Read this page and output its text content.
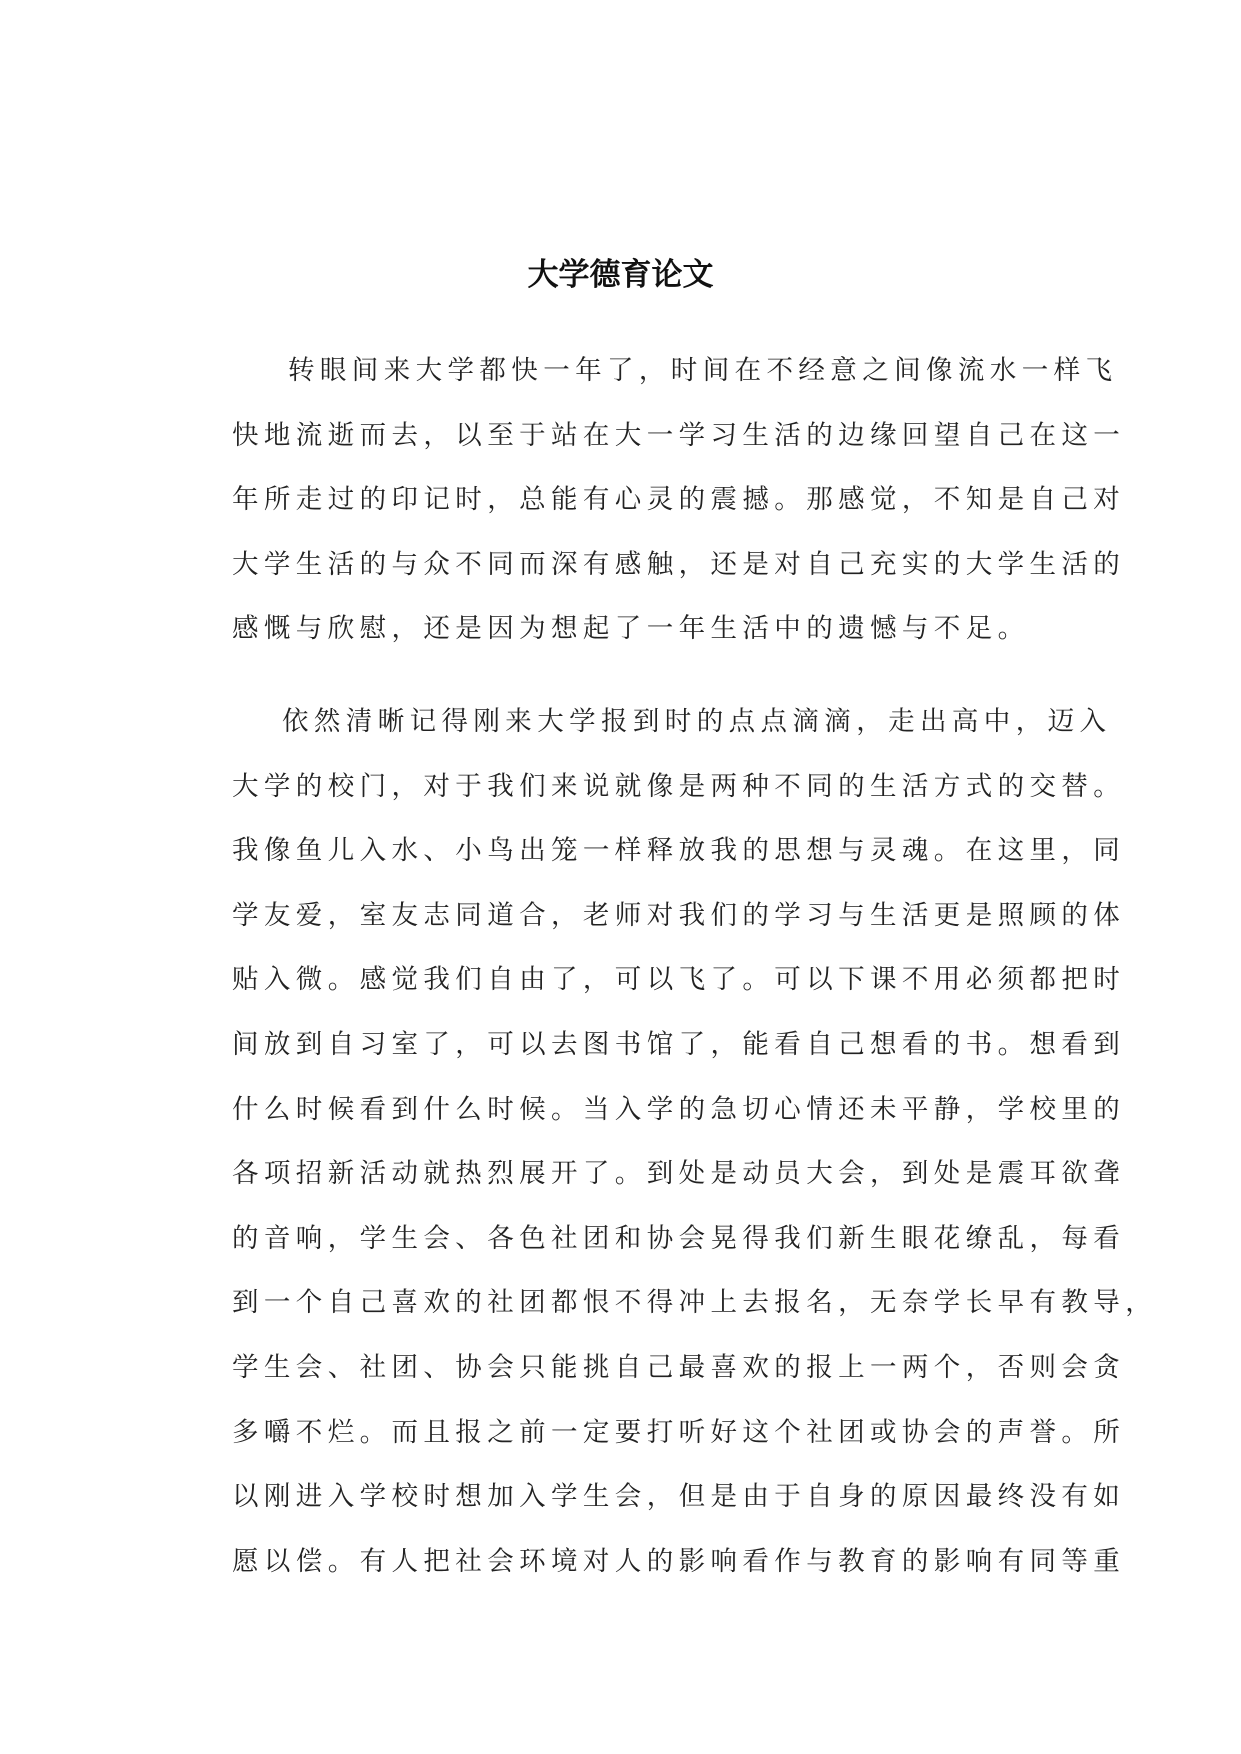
大学德育论文
转眼间来大学都快一年了，时间在不经意之间像流水一样飞
快地流逝而去，以至于站在大一学习生活的边缘回望自己在这一
年所走过的印记时，总能有心灵的震撼。那感觉，不知是自己对
大学生活的与众不同而深有感触，还是对自己充实的大学生活的
感慨与欣慰，还是因为想起了一年生活中的遗憾与不足。
依然清晰记得刚来大学报到时的点点滴滴，走出高中，迈入
大学的校门，对于我们来说就像是两种不同的生活方式的交替。
我像鱼儿入水、小鸟出笼一样释放我的思想与灵魂。在这里，同
学友爱，室友志同道合，老师对我们的学习与生活更是照顾的体
贴入微。感觉我们自由了，可以飞了。可以下课不用必须都把时
间放到自习室了，可以去图书馆了，能看自己想看的书。想看到
什么时候看到什么时候。当入学的急切心情还未平静，学校里的
各项招新活动就热烈展开了。到处是动员大会，到处是震耳欲聋
的音响，学生会、各色社团和协会晃得我们新生眼花缭乱，每看
到一个自己喜欢的社团都恨不得冲上去报名，无奈学长早有教导，
学生会、社团、协会只能挑自己最喜欢的报上一两个，否则会贪
多嚼不烂。而且报之前一定要打听好这个社团或协会的声誉。所
以刚进入学校时想加入学生会，但是由于自身的原因最终没有如
愿以偿。有人把社会环境对人的影响看作与教育的影响有同等重
